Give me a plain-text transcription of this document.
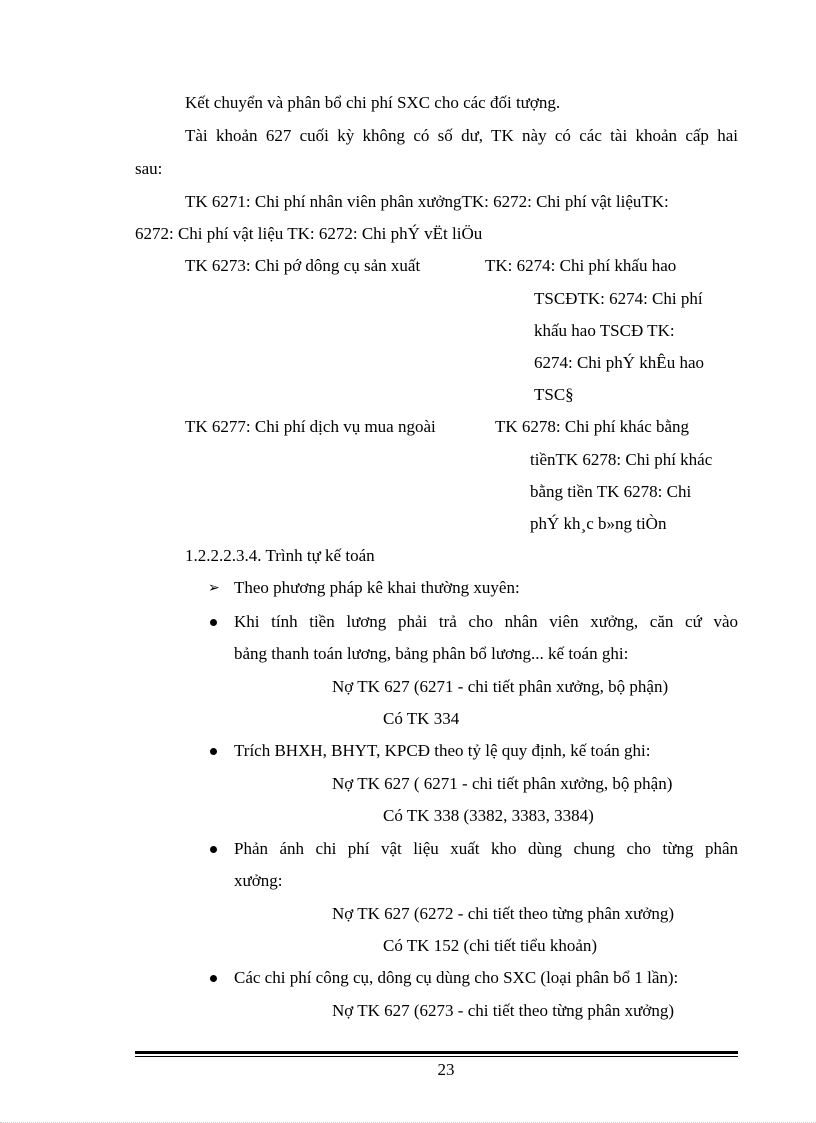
Kết chuyển và phân bổ chi phí SXC cho các đối tượng.
Tài khoản 627 cuối kỳ không có số dư, TK này có các tài khoản cấp hai
sau:
TK 6271: Chi phí nhân viên phân xưởngTK: 6272: Chi phí vật liệuTK:
6272: Chi phí vật liệu TK: 6272: Chi phÝ vËt liÖu
TK 6273: Chi pớ dông cụ sản xuất	TK: 6274: Chi phí khấu hao
TSCĐTK: 6274: Chi phí
khấu hao TSCĐ TK:
6274: Chi phÝ khÊu hao
TSC§
TK 6277: Chi phí dịch vụ mua ngoài	TK 6278: Chi phí khác bằng
tiềnTK 6278: Chi phí khác
bằng tiền TK 6278: Chi
phÝ kh¸c b»ng tiÒn
1.2.2.2.3.4. Trình tự kế toán
➢ Theo phương pháp kê khai thường xuyên:
Khi tính tiền lương phải trả cho nhân viên xưởng, căn cứ vào
bảng thanh toán lương, bảng phân bổ lương... kế toán ghi:
Nợ TK 627 (6271 - chi tiết phân xưởng, bộ phận)
Có TK 334
Trích BHXH, BHYT, KPCĐ theo tỷ lệ quy định, kế toán ghi:
Nợ TK 627 ( 6271 - chi tiết phân xưởng, bộ phận)
Có TK 338 (3382, 3383, 3384)
Phản ánh chi phí vật liệu xuất kho dùng chung cho từng phân
xưởng:
Nợ TK 627 (6272 - chi tiết theo từng phân xưởng)
Có TK 152 (chi tiết tiểu khoản)
Các chi phí công cụ, dông cụ dùng cho SXC (loại phân bổ 1 lần):
Nợ TK 627 (6273 - chi tiết theo từng phân xưởng)
23
